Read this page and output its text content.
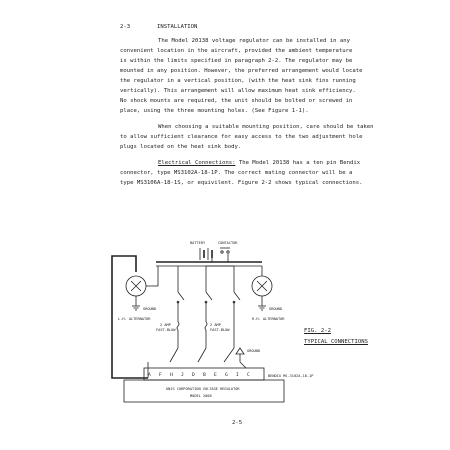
2-3	INSTALLATION
The Model 20138 voltage regulator can be installed in any
convenient location in the aircraft, provided the ambient temperature
is within the limits specified in paragraph 2-2. The regulator may be
mounted in any position. However, the preferred arrangement would locate
the regulator in a vertical position, (with the heat sink fins running
vertically). This arrangement will allow maximum heat sink efficiency.
No shock mounts are required, the unit should be bolted or screwed in
place, using the three mounting holes. (See Figure 1-1).
When choosing a suitable mounting position, care should be taken
to allow sufficient clearance for easy access to the two adjustment hole
plugs located on the heat sink body.
Electrical Connections: The Model 20138 has a ten pin Bendix
connector, type MS3102A-18-1P. The correct mating connector will be a
type MS3106A-18-1S, or equivilent. Figure 2-2 shows typical connections.
FIG. 2-2
TYPICAL CONNECTIONS
2-5
BATTERY	CONTACTOR
GROUND	GROUND
L.H. ALTERNATOR	R.H. ALTERNATOR
2 AMP
FAST-BLOW
2 AMP
FAST-BLOW
GROUND
BENDIX MS-3102A-18-1P
A F H J D B E G I C
UNIS CORPORATION VOLTAGE REGULATOR
MODEL 2008
